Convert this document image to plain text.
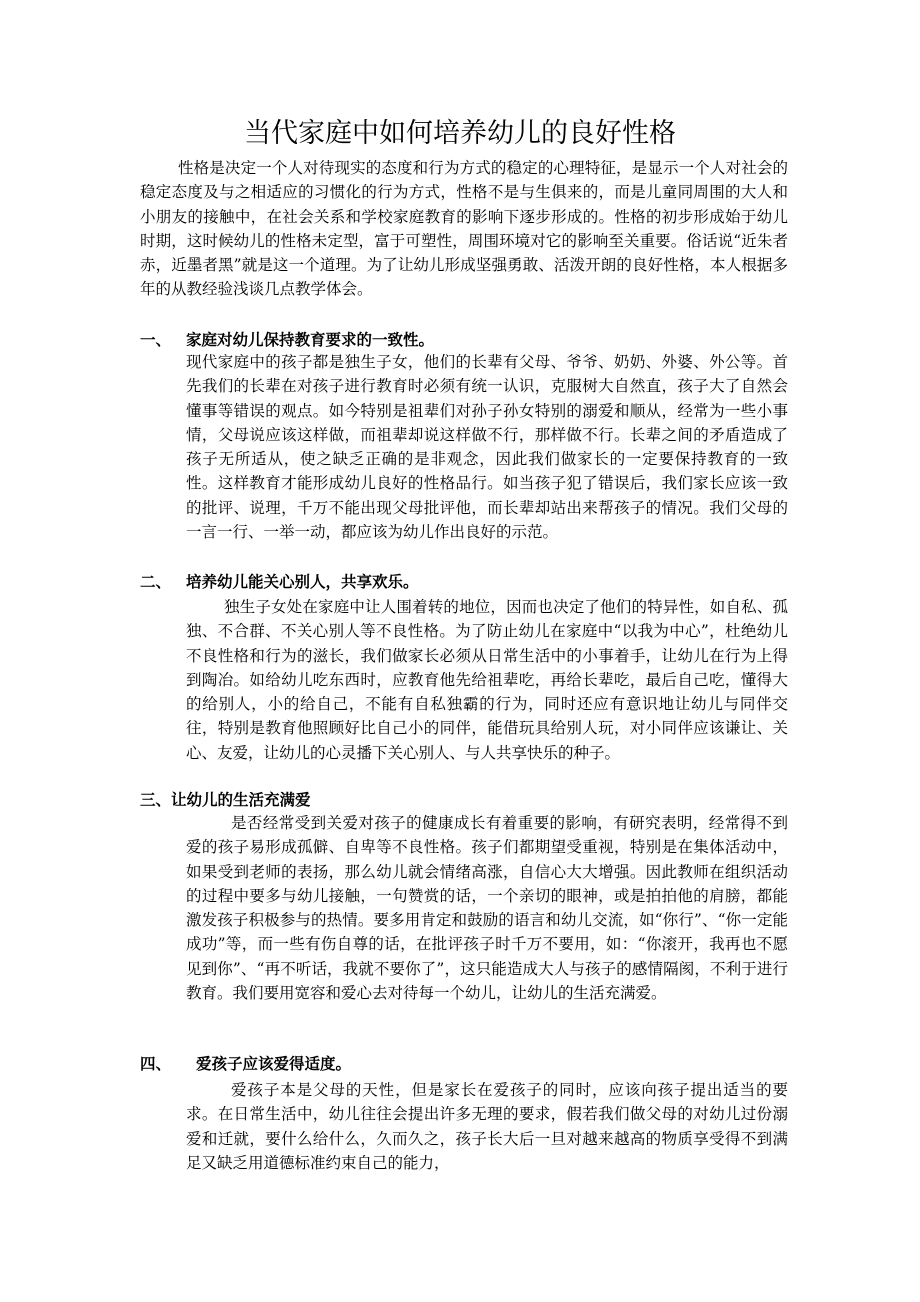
当代家庭中如何培养幼儿的良好性格

性格是决定一个人对待现实的态度和行为方式的稳定的心理特征，是显示一个人对社会的稳定态度及与之相适应的习惯化的行为方式，性格不是与生俱来的，而是儿童同周围的大人和小朋友的接触中，在社会关系和学校家庭教育的影响下逐步形成的。性格的初步形成始于幼儿时期，这时候幼儿的性格未定型，富于可塑性，周围环境对它的影响至关重要。俗话说“近朱者赤，近墨者黑”就是这一个道理。为了让幼儿形成坚强勇敢、活泼开朗的良好性格，本人根据多年的从教经验浅谈几点教学体会。

一、 家庭对幼儿保持教育要求的一致性。

现代家庭中的孩子都是独生子女，他们的长辈有父母、爷爷、奶奶、外婆、外公等。首先我们的长辈在对孩子进行教育时必须有统一认识，克服树大自然直，孩子大了自然会懂事等错误的观点。如今特别是祖辈们对孙子孙女特别的溺爱和顺从，经常为一些小事情，父母说应该这样做，而祖辈却说这样做不行，那样做不行。长辈之间的矛盾造成了孩子无所适从，使之缺乏正确的是非观念，因此我们做家长的一定要保持教育的一致性。这样教育才能形成幼儿良好的性格品行。如当孩子犯了错误后，我们家长应该一致的批评、说理，千万不能出现父母批评他，而长辈却站出来帮孩子的情况。我们父母的一言一行、一举一动，都应该为幼儿作出良好的示范。

二、 培养幼儿能关心别人，共享欢乐。

独生子女处在家庭中让人围着转的地位，因而也决定了他们的特异性，如自私、孤独、不合群、不关心别人等不良性格。为了防止幼儿在家庭中“以我为中心”，杜绝幼儿不良性格和行为的滋长，我们做家长必须从日常生活中的小事着手，让幼儿在行为上得到陶冶。如给幼儿吃东西时，应教育他先给祖辈吃，再给长辈吃，最后自己吃，懂得大的给别人，小的给自己，不能有自私独霸的行为，同时还应有意识地让幼儿与同伴交往，特别是教育他照顾好比自己小的同伴，能借玩具给别人玩，对小同伴应该谦让、关心、友爱，让幼儿的心灵播下关心别人、与人共享快乐的种子。

三、让幼儿的生活充满爱

是否经常受到关爱对孩子的健康成长有着重要的影响，有研究表明，经常得不到爱的孩子易形成孤僻、自卑等不良性格。孩子们都期望受重视，特别是在集体活动中，如果受到老师的表扬，那么幼儿就会情绪高涨，自信心大大增强。因此教师在组织活动的过程中要多与幼儿接触，一句赞赏的话，一个亲切的眼神，或是拍拍他的肩膀，都能激发孩子积极参与的热情。要多用肯定和鼓励的语言和幼儿交流，如“你行”、“你一定能成功”等，而一些有伤自尊的话，在批评孩子时千万不要用，如：“你滚开，我再也不愿见到你”、“再不听话，我就不要你了”，这只能造成大人与孩子的感情隔阂，不利于进行教育。我们要用宽容和爱心去对待每一个幼儿，让幼儿的生活充满爱。

四、 爱孩子应该爱得适度。

爱孩子本是父母的天性，但是家长在爱孩子的同时，应该向孩子提出适当的要求。在日常生活中，幼儿往往会提出许多无理的要求，假若我们做父母的对幼儿过份溺爱和迁就，要什么给什么，久而久之，孩子长大后一旦对越来越高的物质享受得不到满足又缺乏用道德标准约束自己的能力，
